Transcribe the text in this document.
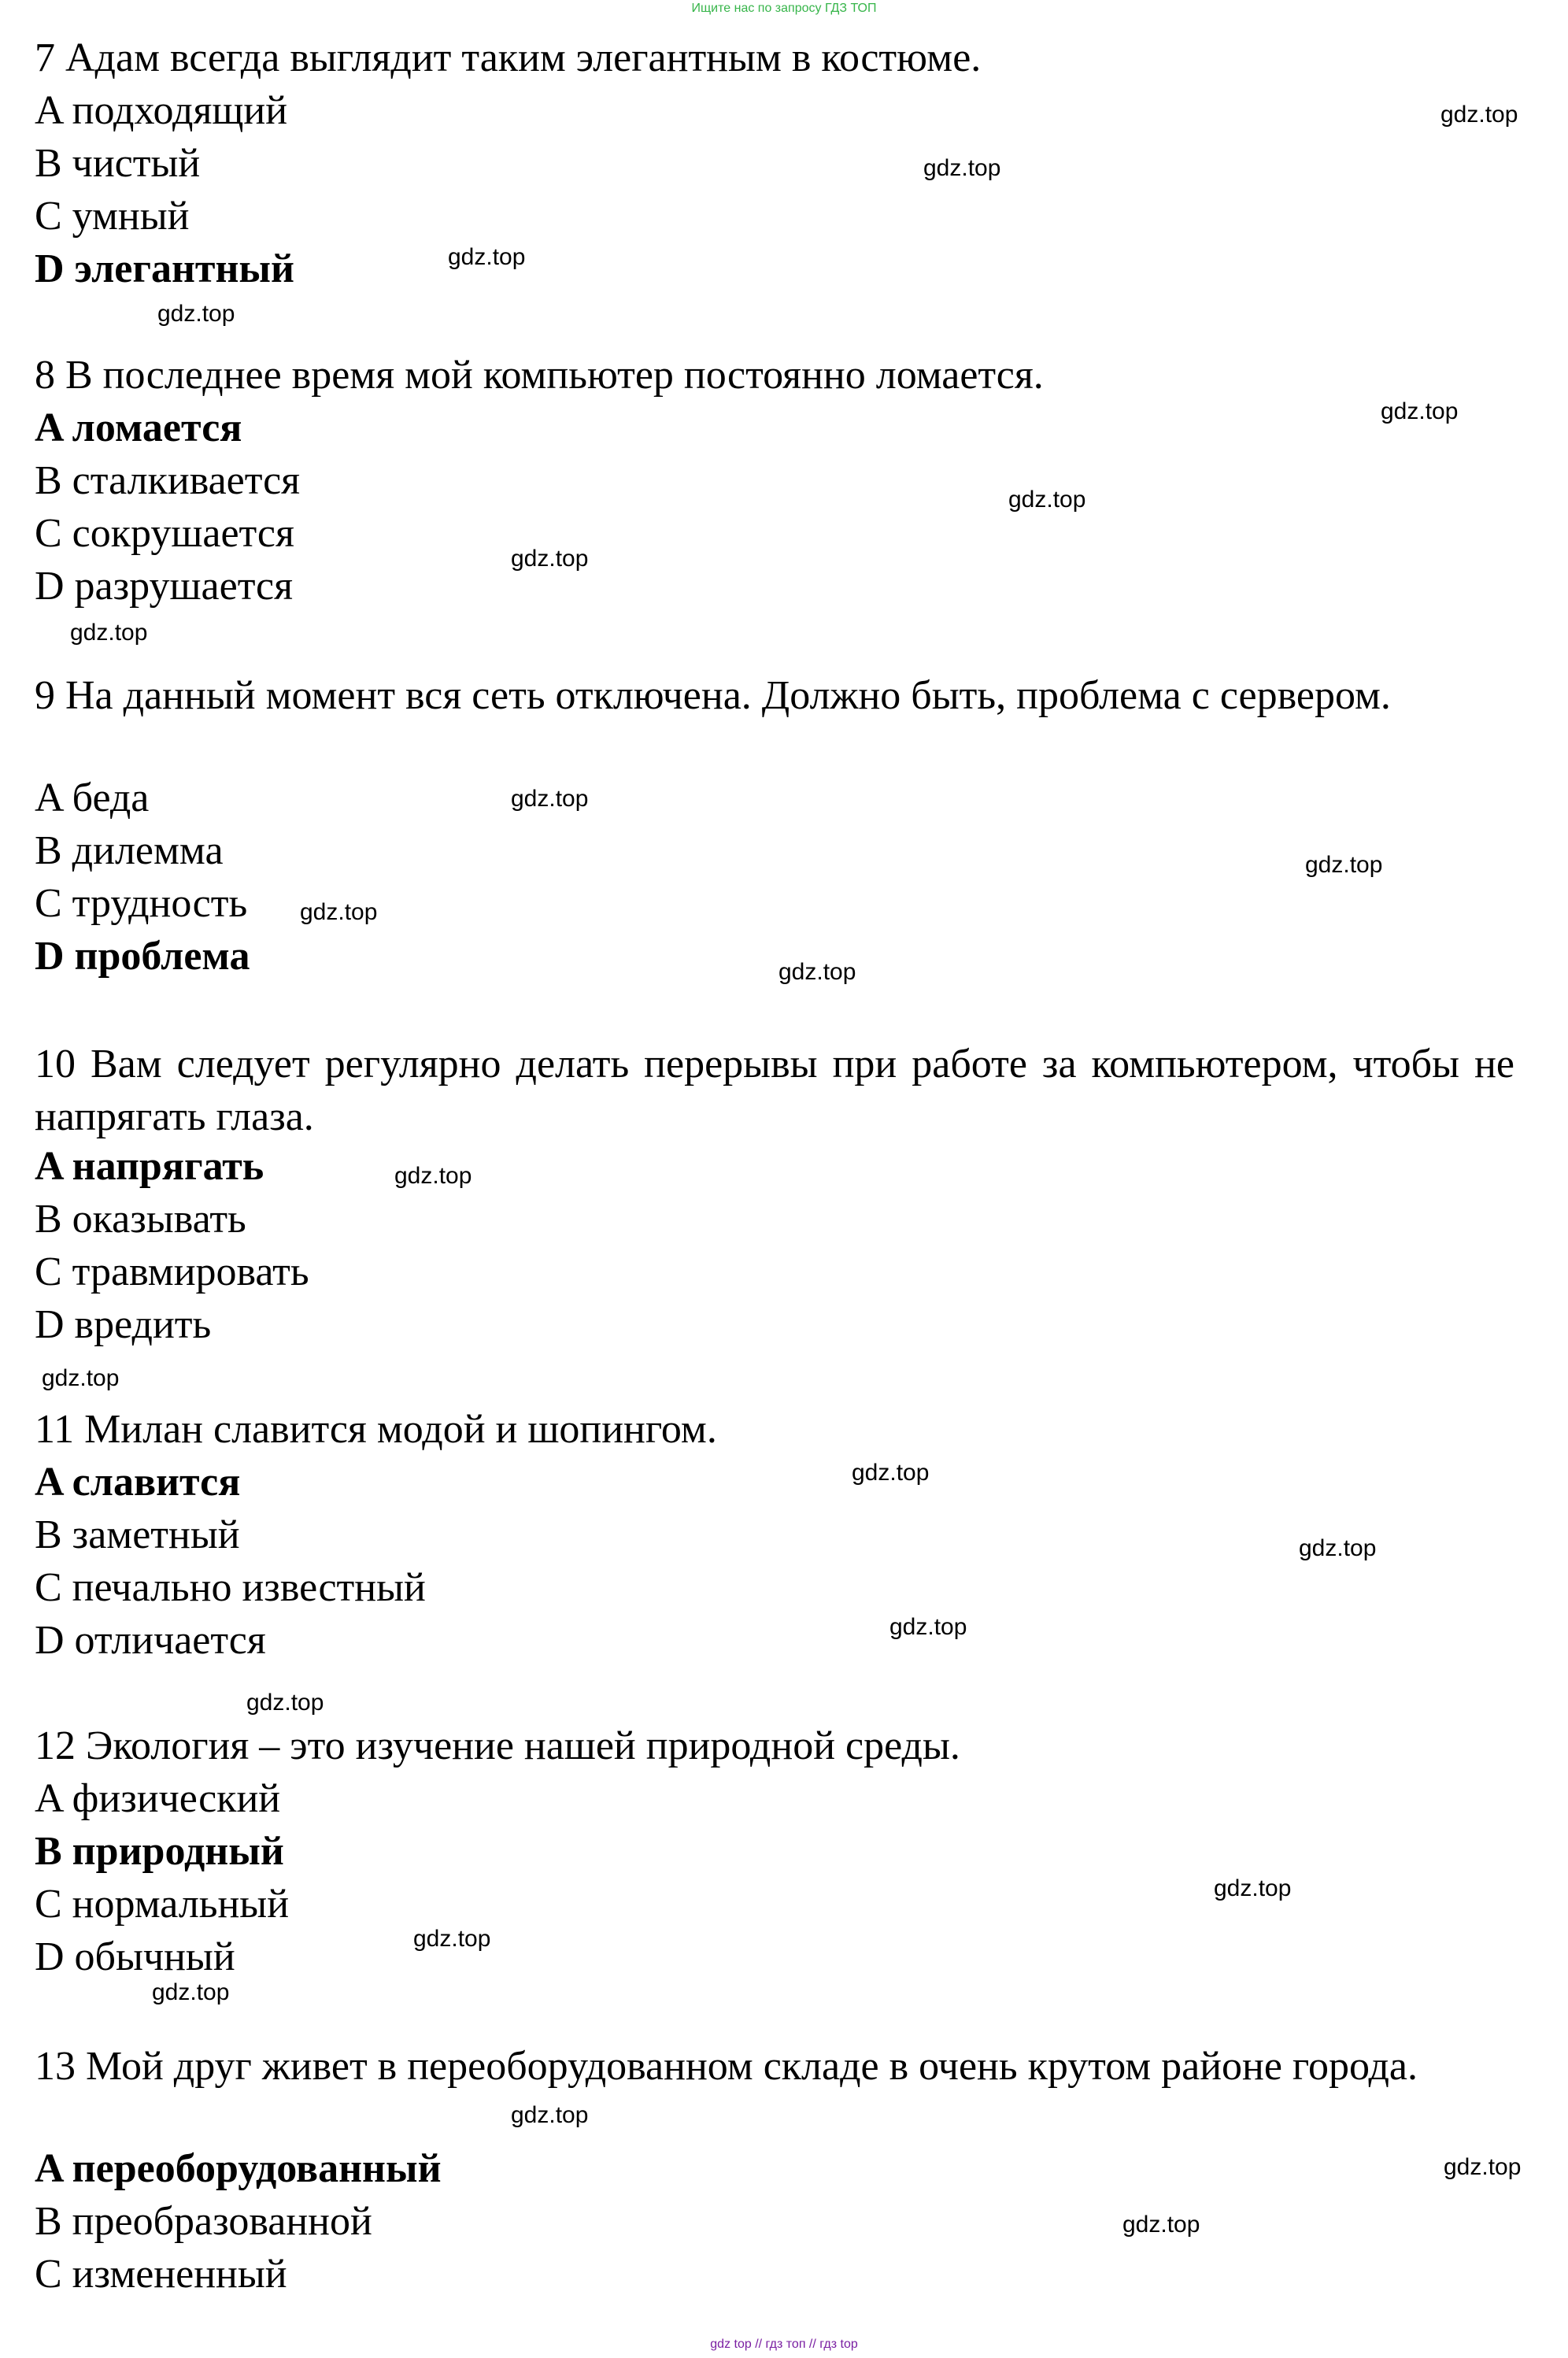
Ищите нас по запросу ГДЗ ТОП
7 Адам всегда выглядит таким элегантным в костюме.
A подходящий
B чистый
C умный
D элегантный
8 В последнее время мой компьютер постоянно ломается.
A ломается
B сталкивается
C сокрушается
D разрушается
9 На данный момент вся сеть отключена. Должно быть, проблема с сервером.
A беда
B дилемма
C трудность
D проблема
10 Вам следует регулярно делать перерывы при работе за компьютером, чтобы не напрягать глаза.
A напрягать
B оказывать
C травмировать
D вредить
11 Милан славится модой и шопингом.
A славится
B заметный
C печально известный
D отличается
12 Экология – это изучение нашей природной среды.
A физический
B природный
C нормальный
D обычный
13 Мой друг живет в переоборудованном складе в очень крутом районе города.
A переоборудованный
B преобразованной
C измененный
gdz.top
gdz.top
gdz.top
gdz.top
gdz.top
gdz.top
gdz.top
gdz.top
gdz.top
gdz.top
gdz.top
gdz.top
gdz.top
gdz.top
gdz.top
gdz.top
gdz.top
gdz.top
gdz.top
gdz.top
gdz.top
gdz.top
gdz.top
gdz.top
gdz top // гдз топ // гдз top
